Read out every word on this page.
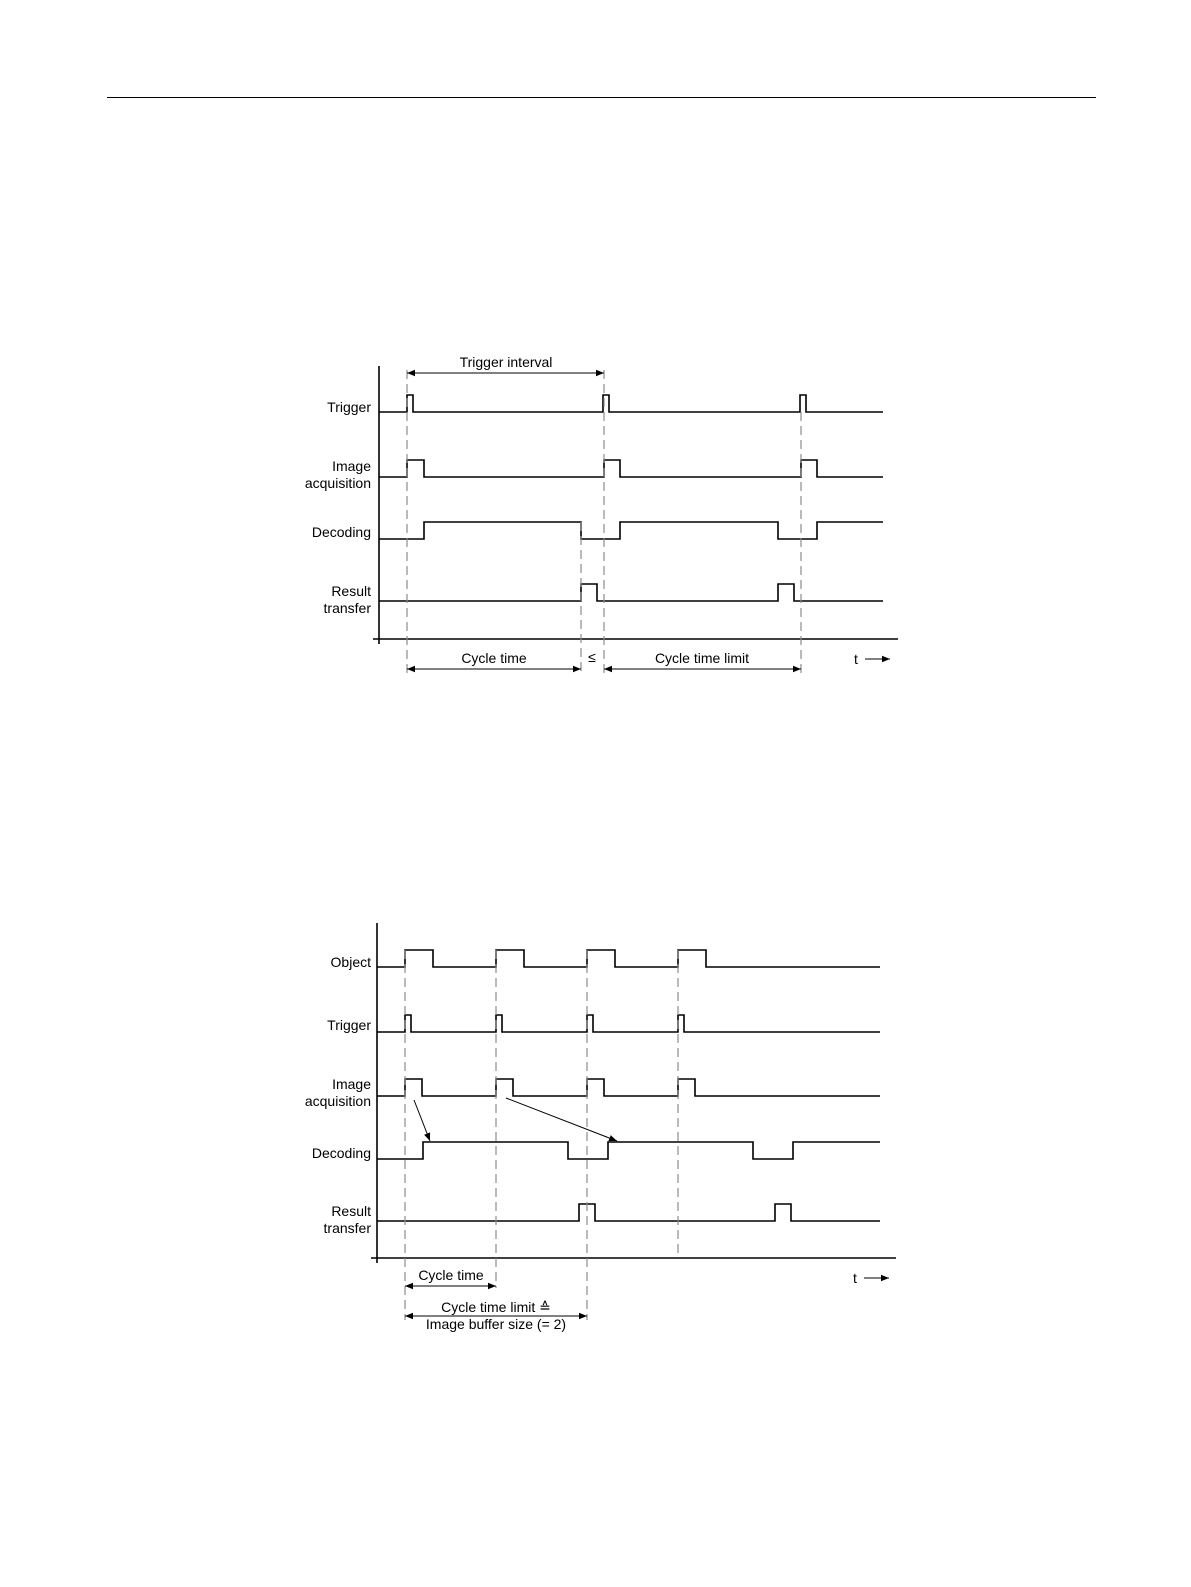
Trigger
Image
acquisition
Decoding
Result
transfer
Trigger interval
Cycle time	≤	Cycle time limit	t
Object
Trigger
Image
acquisition
Decoding
Result
transfer
Cycle time
Cycle time limit ≙
Image buffer size (= 2)
t
